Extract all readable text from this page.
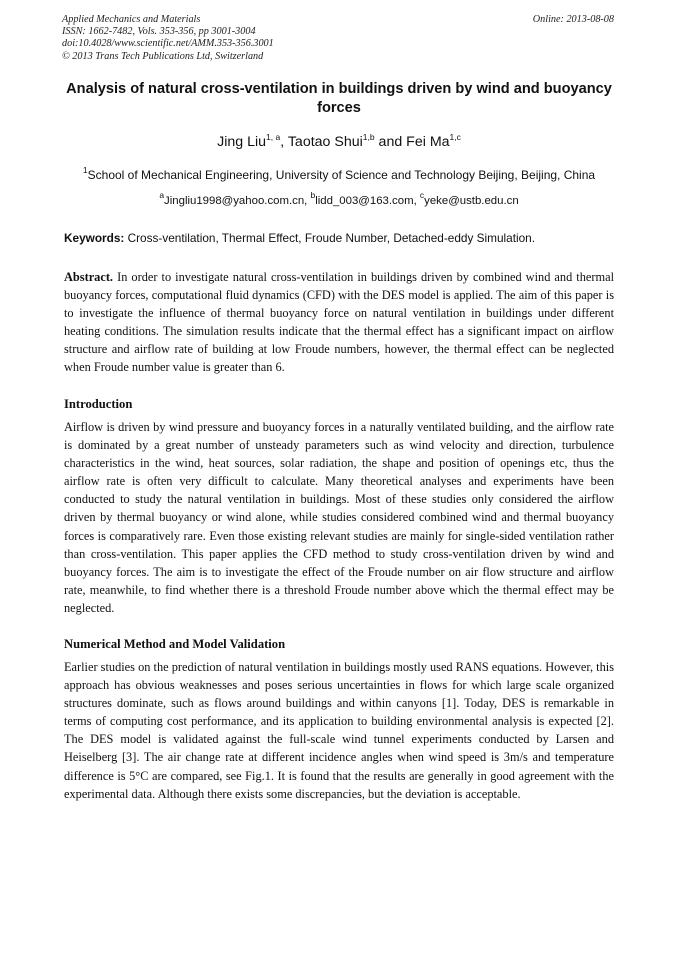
Applied Mechanics and Materials
ISSN: 1662-7482, Vols. 353-356, pp 3001-3004
doi:10.4028/www.scientific.net/AMM.353-356.3001
© 2013 Trans Tech Publications Ltd, Switzerland
Online: 2013-08-08
Analysis of natural cross-ventilation in buildings driven by wind and buoyancy forces
Jing Liu$^{1, a}$, Taotao Shui$^{1,b}$ and Fei Ma$^{1,c}$
$^1$School of Mechanical Engineering, University of Science and Technology Beijing, Beijing, China
$^a$Jingliu1998@yahoo.com.cn, $^b$lidd_003@163.com, $^c$yeke@ustb.edu.cn
Keywords: Cross-ventilation, Thermal Effect, Froude Number, Detached-eddy Simulation.

Abstract. In order to investigate natural cross-ventilation in buildings driven by combined wind and thermal buoyancy forces, computational fluid dynamics (CFD) with the DES model is applied. The aim of this paper is to investigate the influence of thermal buoyancy force on natural ventilation in buildings under different heating conditions. The simulation results indicate that the thermal effect has a significant impact on airflow structure and airflow rate of building at low Froude numbers, however, the thermal effect can be neglected when Froude number value is greater than 6.

Introduction

Airflow is driven by wind pressure and buoyancy forces in a naturally ventilated building, and the airflow rate is dominated by a great number of unsteady parameters such as wind velocity and direction, turbulence characteristics in the wind, heat sources, solar radiation, the shape and position of openings etc, thus the airflow rate is often very difficult to calculate. Many theoretical analyses and experiments have been conducted to study the natural ventilation in buildings. Most of these studies only considered the airflow driven by thermal buoyancy or wind alone, while studies considered combined wind and thermal buoyancy forces is comparatively rare. Even those existing relevant studies are mainly for single-sided ventilation rather than cross-ventilation. This paper applies the CFD method to study cross-ventilation driven by wind and buoyancy forces. The aim is to investigate the effect of the Froude number on air flow structure and airflow rate, meanwhile, to find whether there is a threshold Froude number above which the thermal effect may be neglected.

Numerical Method and Model Validation

Earlier studies on the prediction of natural ventilation in buildings mostly used RANS equations. However, this approach has obvious weaknesses and poses serious uncertainties in flows for which large scale organized structures dominate, such as flows around buildings and within canyons [1]. Today, DES is remarkable in terms of computing cost performance, and its application to building environmental analysis is expected [2]. The DES model is validated against the full-scale wind tunnel experiments conducted by Larsen and Heiselberg [3]. The air change rate at different incidence angles when wind speed is 3m/s and temperature difference is 5°C are compared, see Fig.1. It is found that the results are generally in good agreement with the experimental data. Although there exists some discrepancies, but the deviation is acceptable.
